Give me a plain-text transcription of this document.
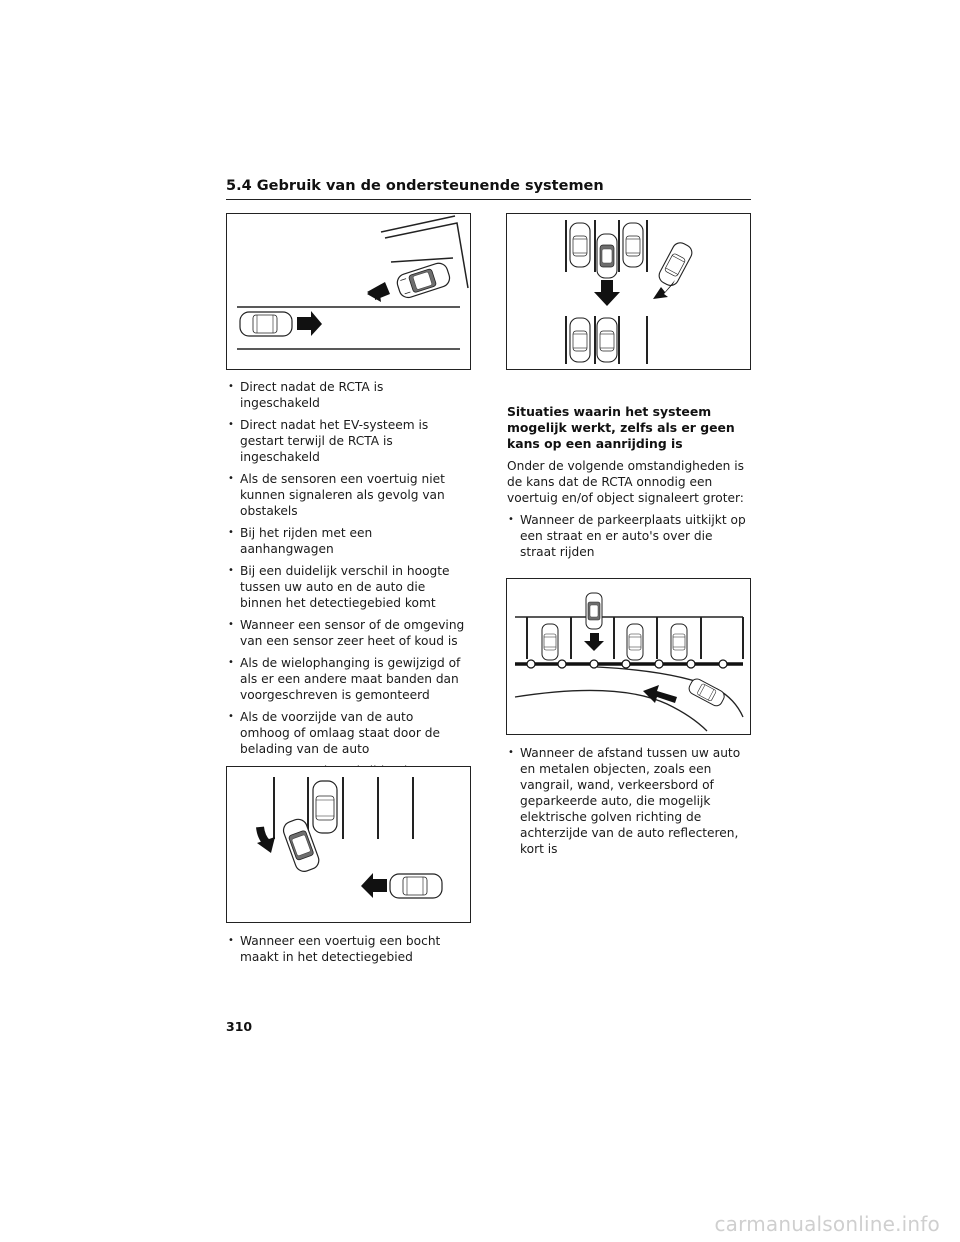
5.4 Gebruik van de ondersteunende systemen
• Direct nadat de RCTA is ingeschakeld
• Direct nadat het EV-systeem is gestart terwijl de RCTA is ingeschakeld
• Als de sensoren een voertuig niet kunnen signaleren als gevolg van obstakels
• Bij het rijden met een aanhangwagen
• Bij een duidelijk verschil in hoogte tussen uw auto en de auto die binnen het detectiegebied komt
• Wanneer een sensor of de omgeving van een sensor zeer heet of koud is
• Als de wielophanging is gewijzigd of als er een andere maat banden dan voorgeschreven is gemonteerd
• Als de voorzijde van de auto omhoog of omlaag staat door de belading van de auto
•
• Wanneer een voertuig een bocht maakt in het detectiegebied
Situaties waarin het systeem mogelijk werkt, zelfs als er geen kans op een aanrijding is
Onder de volgende omstandigheden is de kans dat de RCTA onnodig een voertuig en/of object signaleert groter:
• Wanneer de parkeerplaats uitkijkt op een straat en er auto's over die straat rijden
• Wanneer de afstand tussen uw auto en metalen objecten, zoals een vangrail, wand, verkeersbord of geparkeerde auto, die mogelijk elektrische golven richting de achterzijde van de auto reflecteren, kort is
310
carmanualsonline.info
